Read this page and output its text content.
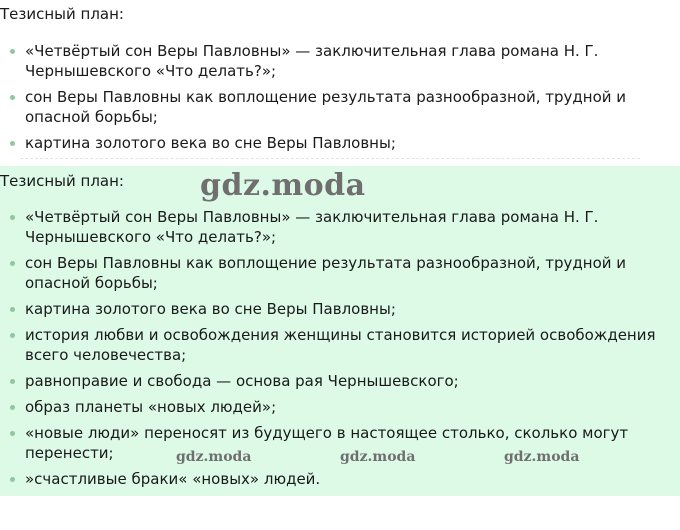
Тезисный план:
«Четвёртый сон Веры Павловны» — заключительная глава романа Н. Г. Чернышевского «Что делать?»;
сон Веры Павловны как воплощение результата разнообразной, трудной и опасной борьбы;
картина золотого века во сне Веры Павловны;
Тезисный план:
«Четвёртый сон Веры Павловны» — заключительная глава романа Н. Г. Чернышевского «Что делать?»;
сон Веры Павловны как воплощение результата разнообразной, трудной и опасной борьбы;
картина золотого века во сне Веры Павловны;
история любви и освобождения женщины становится историей освобождения всего человечества;
равноправие и свобода — основа рая Чернышевского;
образ планеты «новых людей»;
«новые люди» переносят из будущего в настоящее столько, сколько могут перенести;
»счастливые браки« «новых» людей.
gdz.moda
gdz.moda	gdz.moda	gdz.moda
